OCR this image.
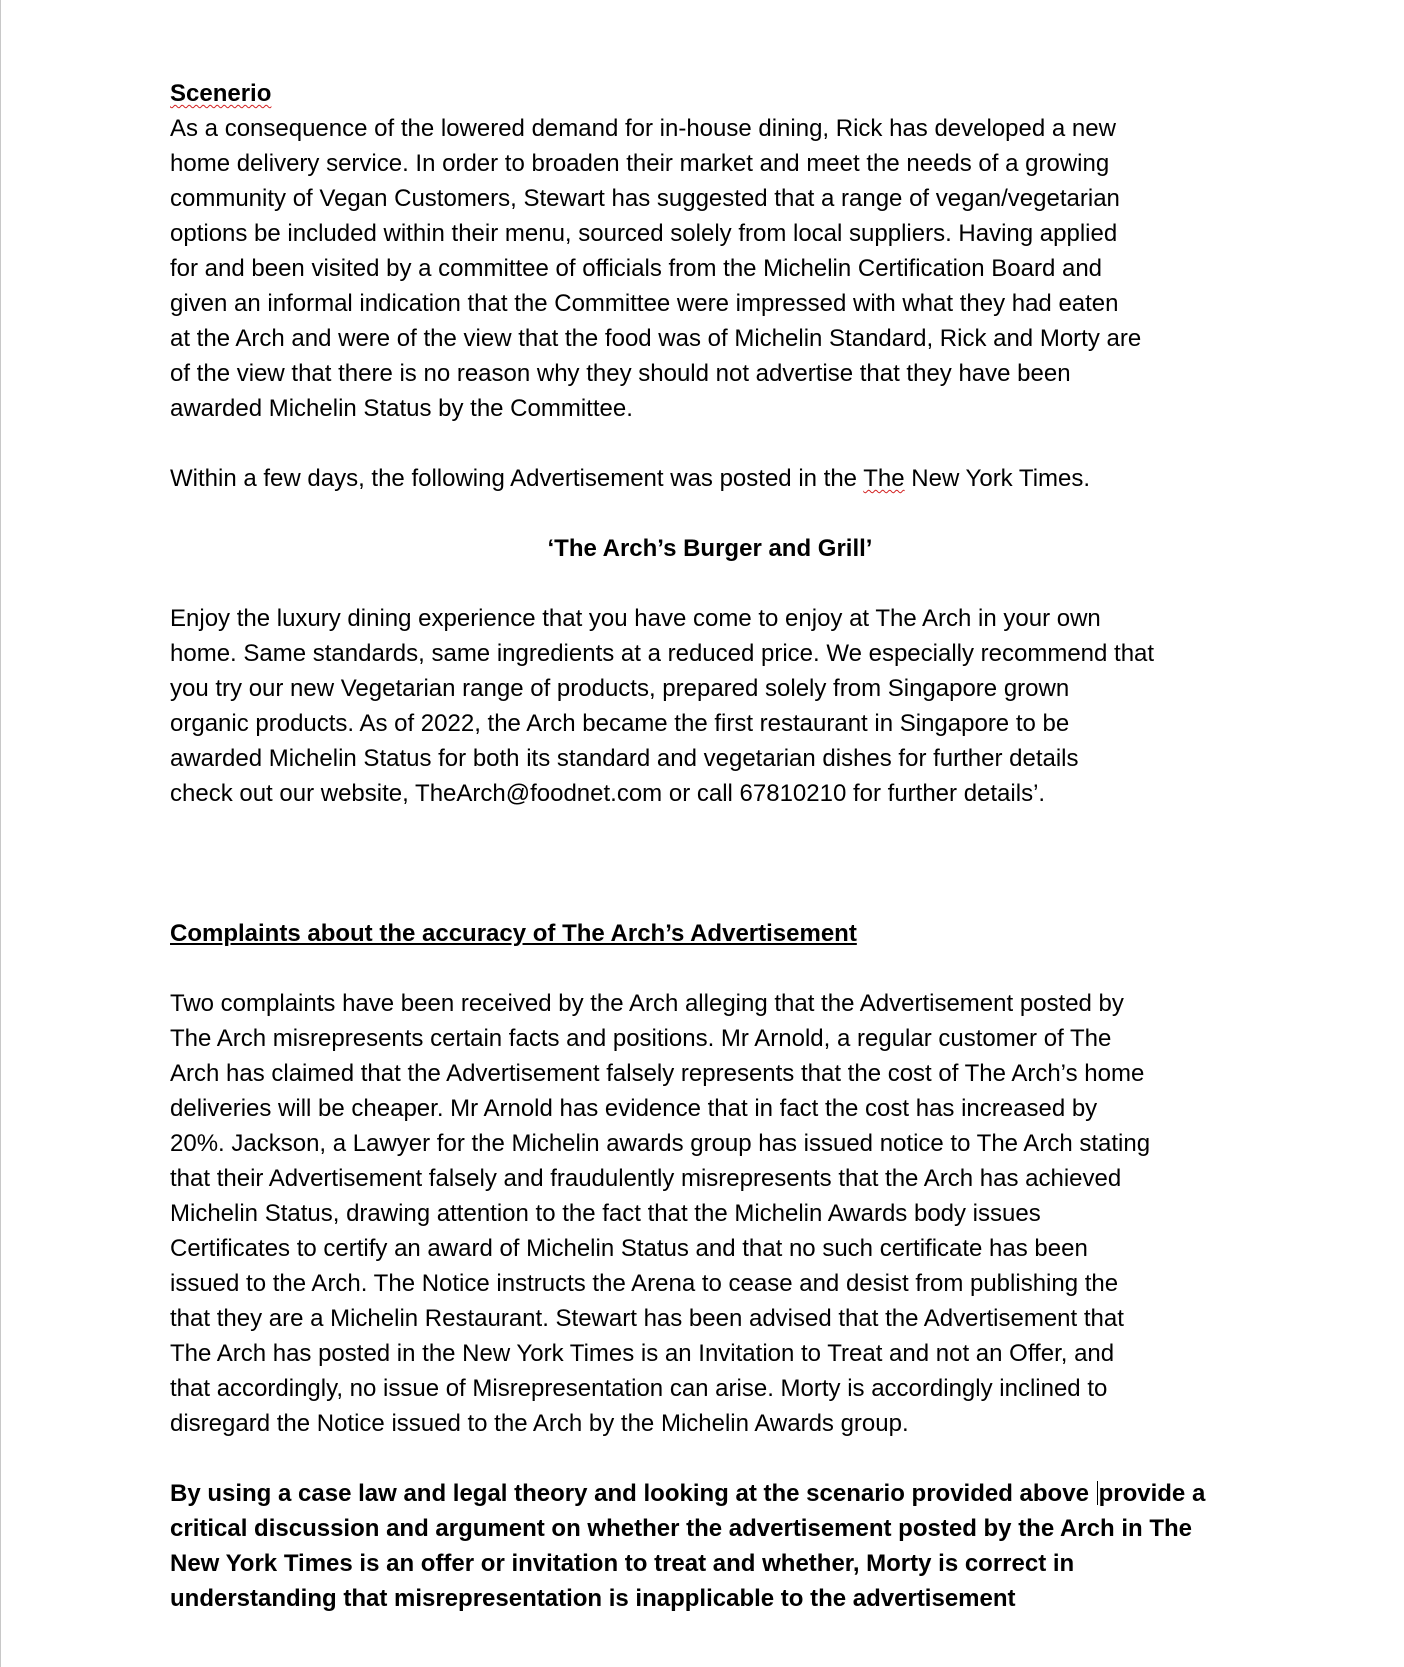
Scenerio

As a consequence of the lowered demand for in-house dining, Rick has developed a new

home delivery service. In order to broaden their market and meet the needs of a growing

community of Vegan Customers, Stewart has suggested that a range of vegan/vegetarian

options be included within their menu, sourced solely from local suppliers. Having applied

for and been visited by a committee of officials from the Michelin Certification Board and

given an informal indication that the Committee were impressed with what they had eaten

at the Arch and were of the view that the food was of Michelin Standard, Rick and Morty are

of the view that there is no reason why they should not advertise that they have been

awarded Michelin Status by the Committee.

Within a few days, the following Advertisement was posted in the The New York Times.

‘The Arch’s Burger and Grill’

Enjoy the luxury dining experience that you have come to enjoy at The Arch in your own

home. Same standards, same ingredients at a reduced price. We especially recommend that

you try our new Vegetarian range of products, prepared solely from Singapore grown

organic products. As of 2022, the Arch became the first restaurant in Singapore to be

awarded Michelin Status for both its standard and vegetarian dishes for further details

check out our website, TheArch@foodnet.com or call 67810210 for further details’.

Complaints about the accuracy of The Arch’s Advertisement

Two complaints have been received by the Arch alleging that the Advertisement posted by

The Arch misrepresents certain facts and positions. Mr Arnold, a regular customer of The

Arch has claimed that the Advertisement falsely represents that the cost of The Arch’s home

deliveries will be cheaper. Mr Arnold has evidence that in fact the cost has increased by

20%. Jackson, a Lawyer for the Michelin awards group has issued notice to The Arch stating

that their Advertisement falsely and fraudulently misrepresents that the Arch has achieved

Michelin Status, drawing attention to the fact that the Michelin Awards body issues

Certificates to certify an award of Michelin Status and that no such certificate has been

issued to the Arch. The Notice instructs the Arena to cease and desist from publishing the

that they are a Michelin Restaurant. Stewart has been advised that the Advertisement that

The Arch has posted in the New York Times is an Invitation to Treat and not an Offer, and

that accordingly, no issue of Misrepresentation can arise. Morty is accordingly inclined to

disregard the Notice issued to the Arch by the Michelin Awards group.

By using a case law and legal theory and looking at the scenario provided above provide a

critical discussion and argument on whether the advertisement posted by the Arch in The

New York Times is an offer or invitation to treat and whether, Morty is correct in

understanding that misrepresentation is inapplicable to the advertisement
